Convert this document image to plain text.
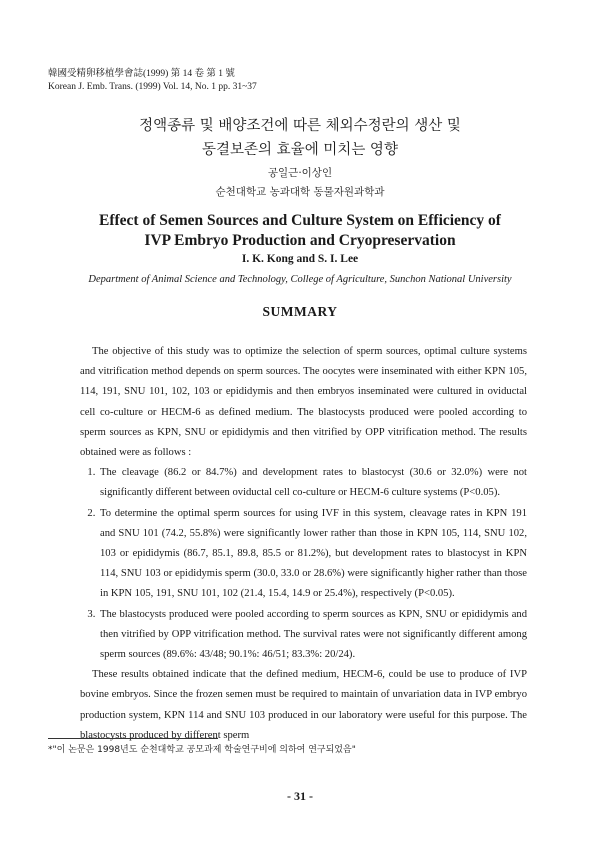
韓國受精卵移植學會誌(1999) 第 14 卷 第 1 號
Korean J. Emb. Trans. (1999) Vol. 14, No. 1 pp. 31~37
정액종류 및 배양조건에 따른 체외수정란의 생산 및
동결보존의 효율에 미치는 영향
공일근·이상인
순천대학교 농과대학 동물자원과학과
Effect of Semen Sources and Culture System on Efficiency of
IVP Embryo Production and Cryopreservation
I. K. Kong and S. I. Lee
Department of Animal Science and Technology, College of Agriculture, Sunchon National University
SUMMARY

The objective of this study was to optimize the selection of sperm sources, optimal culture systems and vitrification method depends on sperm sources. The oocytes were inseminated with either KPN 105, 114, 191, SNU 101, 102, 103 or epididymis and then embryos inseminated were cultured in oviductal cell co-culture or HECM-6 as defined medium. The blastocysts produced were pooled according to sperm sources as KPN, SNU or epididymis and then vitrified by OPP vitrification method. The results obtained were as follows :

1. The cleavage (86.2 or 84.7%) and development rates to blastocyst (30.6 or 32.0%) were not significantly different between oviductal cell co-culture or HECM-6 culture systems (P<0.05).
2. To determine the optimal sperm sources for using IVF in this system, cleavage rates in KPN 191 and SNU 101 (74.2, 55.8%) were significantly lower rather than those in KPN 105, 114, SNU 102, 103 or epididymis (86.7, 85.1, 89.8, 85.5 or 81.2%), but development rates to blastocyst in KPN 114, SNU 103 or epididymis sperm (30.0, 33.0 or 28.6%) were significantly higher rather than those in KPN 105, 191, SNU 101, 102 (21.4, 15.4, 14.9 or 25.4%), respectively (P<0.05).
3. The blastocysts produced were pooled according to sperm sources as KPN, SNU or epididymis and then vitrified by OPP vitrification method. The survival rates were not significantly different among sperm sources (89.6%: 43/48; 90.1%: 46/51; 83.3%: 20/24).

These results obtained indicate that the defined medium, HECM-6, could be use to produce of IVP bovine embryos. Since the frozen semen must be required to maintain of unvariation data in IVP embryo production system, KPN 114 and SNU 103 produced in our laboratory were useful for this purpose. The blastocysts produced by different sperm

*"이 논문은 1998년도 순천대학교 공모과제 학술연구비에 의하여 연구되었음"
- 31 -
